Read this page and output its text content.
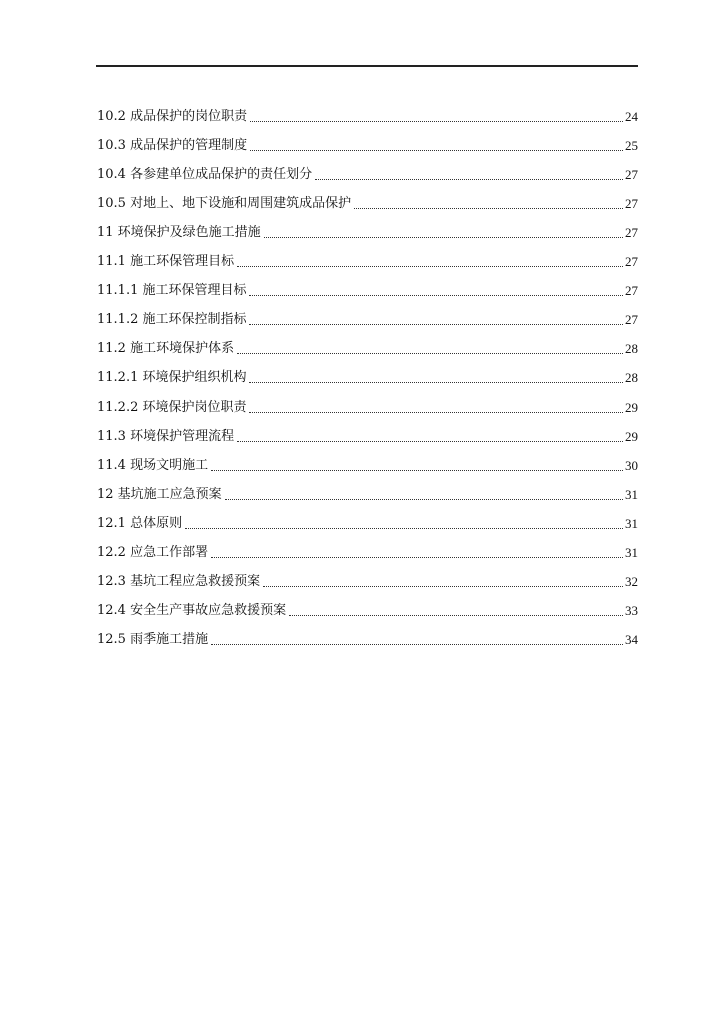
10.2 成品保护的岗位职责	24
10.3 成品保护的管理制度	25
10.4 各参建单位成品保护的责任划分	27
10.5 对地上、地下设施和周围建筑成品保护	27
11 环境保护及绿色施工措施	27
11.1 施工环保管理目标	27
11.1.1 施工环保管理目标	27
11.1.2 施工环保控制指标	27
11.2 施工环境保护体系	28
11.2.1 环境保护组织机构	28
11.2.2 环境保护岗位职责	29
11.3 环境保护管理流程	29
11.4 现场文明施工	30
12 基坑施工应急预案	31
12.1 总体原则	31
12.2 应急工作部署	31
12.3 基坑工程应急救援预案	32
12.4 安全生产事故应急救援预案	33
12.5 雨季施工措施	34
